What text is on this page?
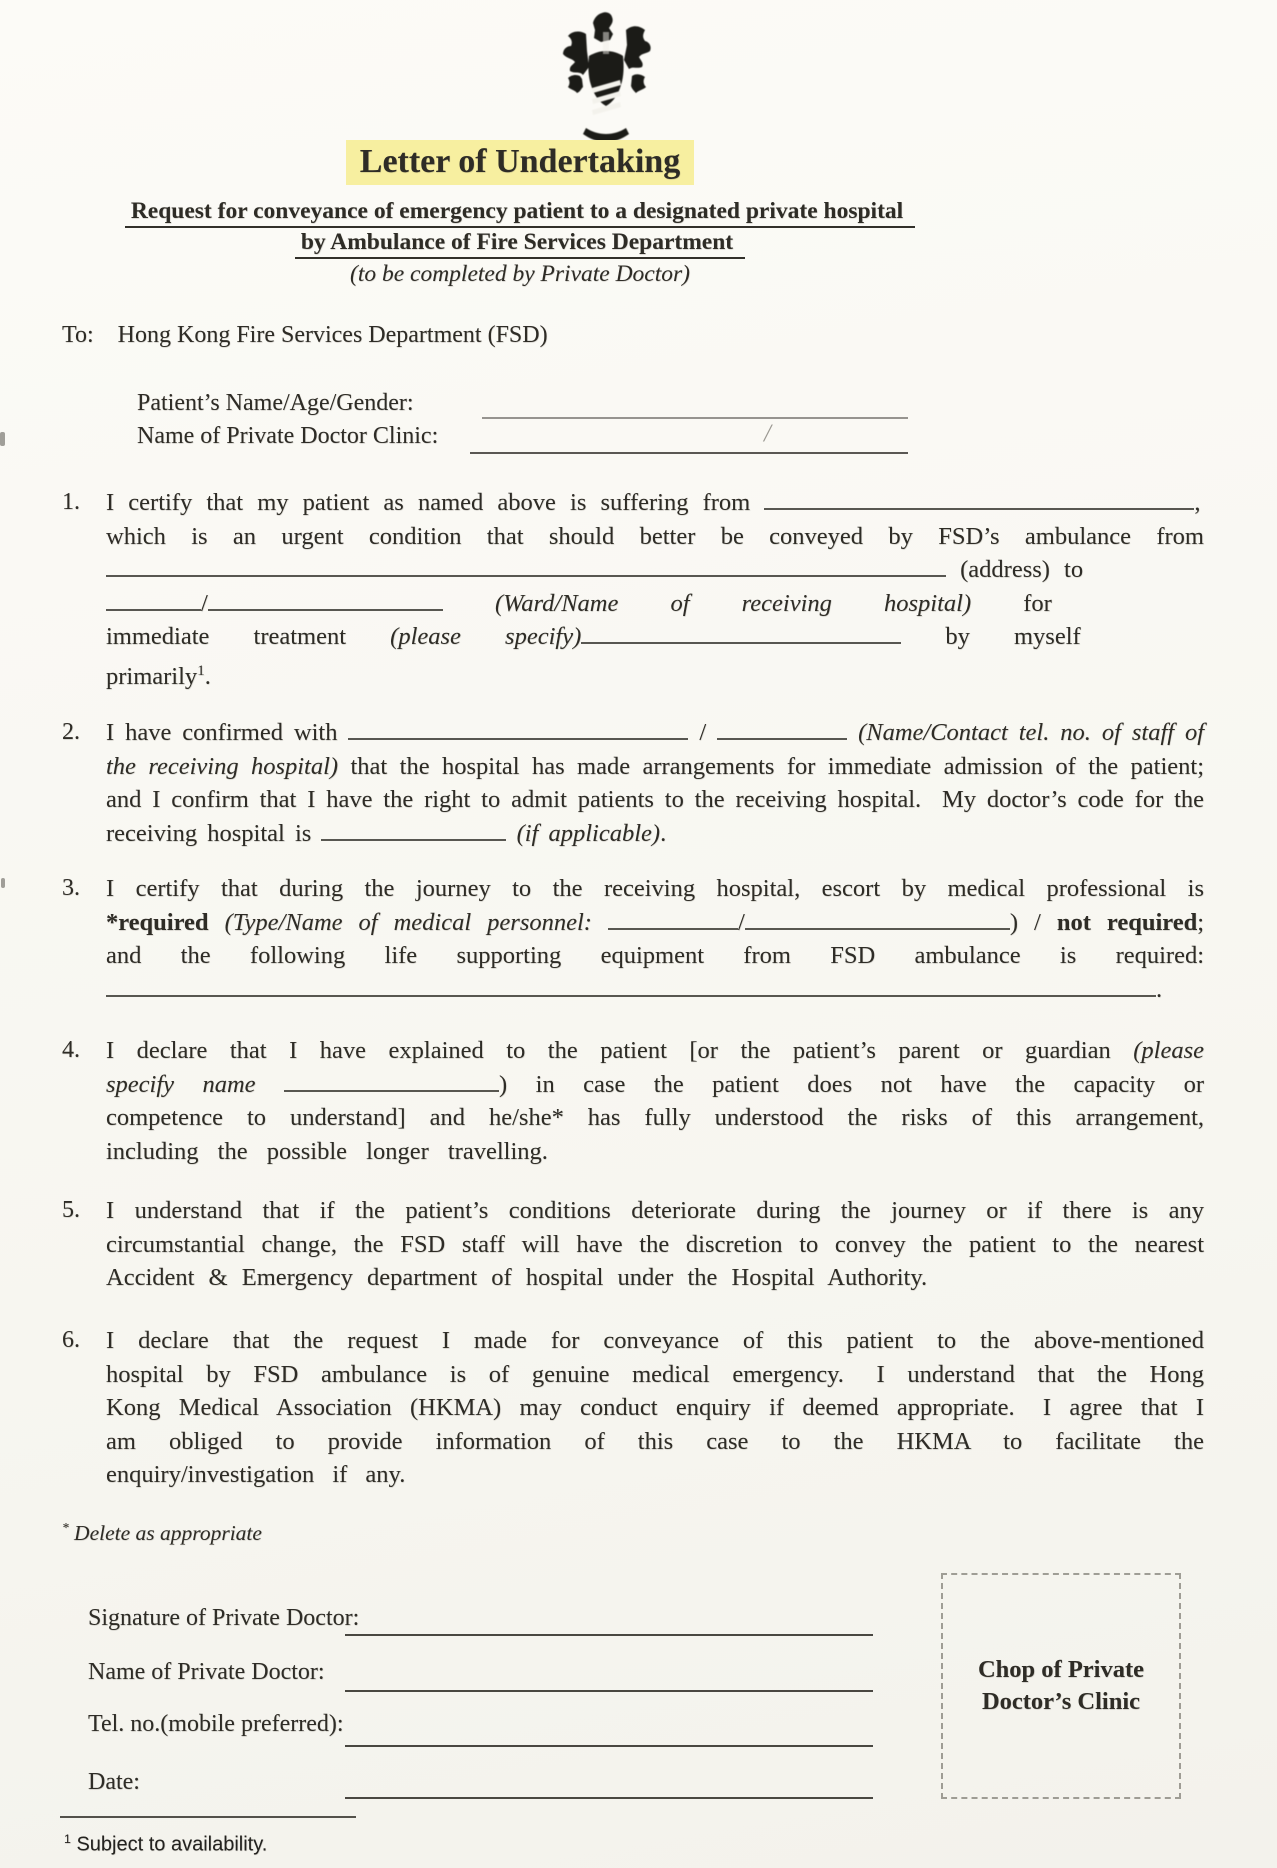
Letter of Undertaking
Request for conveyance of emergency patient to a designated private hospital
by Ambulance of Fire Services Department
(to be completed by Private Doctor)
To: Hong Kong Fire Services Department (FSD)
Patient’s Name/Age/Gender:
Name of Private Doctor Clinic:	/
1.	I certify that my patient as named above is suffering from	,
which is an urgent condition that should better be conveyed by FSD’s ambulance from  (address) to
/	(Ward/Name of receiving hospital) for
immediate treatment (please specify)	by myself
primarily$^1$.
2.	I have confirmed with	/	(Name/Contact tel. no. of staff of the receiving hospital) that the hospital has made arrangements for immediate admission of the patient; and I confirm that I have the right to admit patients to the receiving hospital. My doctor’s code for the receiving hospital is	(if applicable).
3.	I certify that during the journey to the receiving hospital, escort by medical professional is *required (Type/Name of medical personnel:	/	) / not required; and the following life supporting equipment from FSD ambulance is required: .
4.	I declare that I have explained to the patient [or the patient’s parent or guardian (please specify name	) in case the patient does not have the capacity or competence to understand] and he/she* has fully understood the risks of this arrangement, including the possible longer travelling.
5.	I understand that if the patient’s conditions deteriorate during the journey or if there is any circumstantial change, the FSD staff will have the discretion to convey the patient to the nearest Accident & Emergency department of hospital under the Hospital Authority.
6.	I declare that the request I made for conveyance of this patient to the above-mentioned hospital by FSD ambulance is of genuine medical emergency. I understand that the Hong Kong Medical Association (HKMA) may conduct enquiry if deemed appropriate. I agree that I am obliged to provide information of this case to the HKMA to facilitate the enquiry/investigation if any.
* Delete as appropriate
Signature of Private Doctor:
Name of Private Doctor:
Tel. no.(mobile preferred):
Date:
Chop of Private
Doctor’s Clinic
$^1$ Subject to availability.
